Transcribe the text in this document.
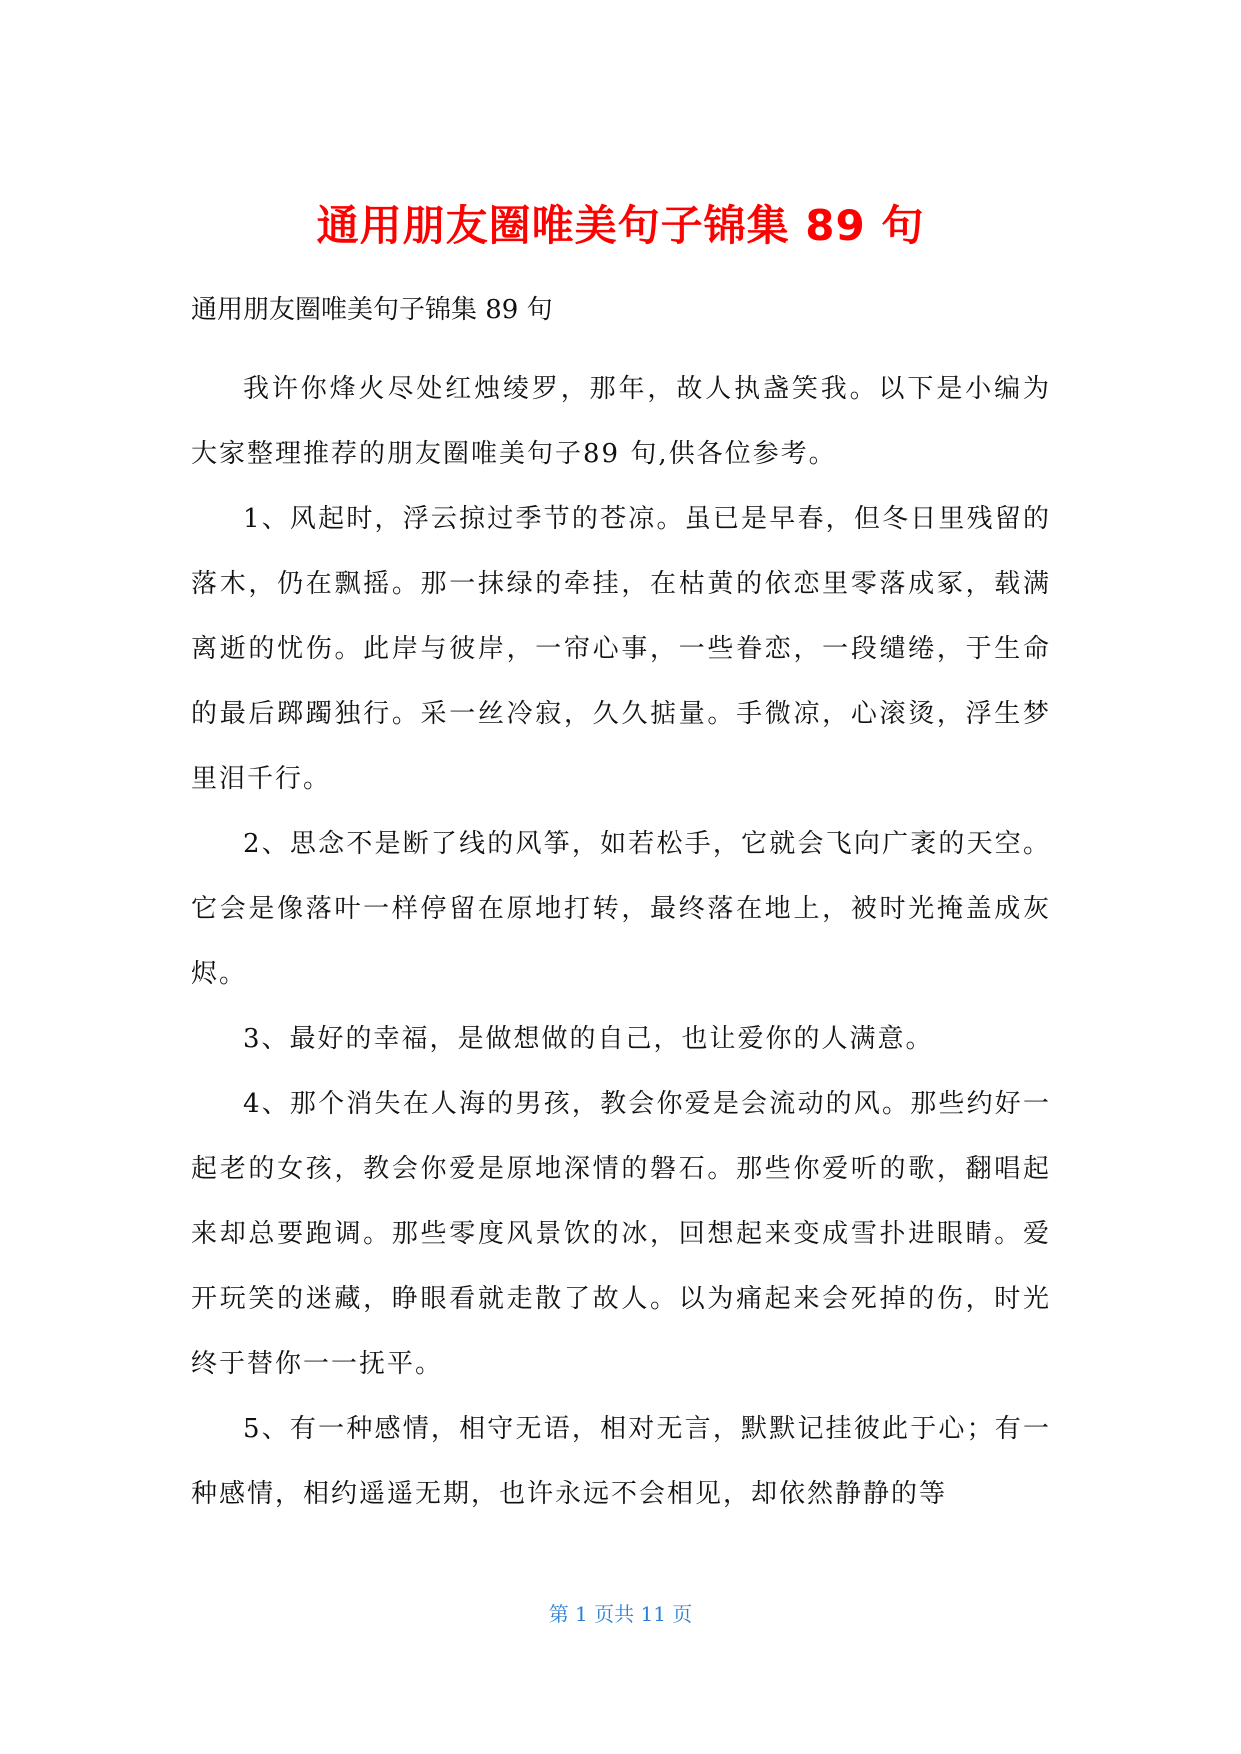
通用朋友圈唯美句子锦集 89 句
通用朋友圈唯美句子锦集 89 句

我许你烽火尽处红烛绫罗，那年，故人执盏笑我。以下是小编为大家整理推荐的朋友圈唯美句子89 句,供各位参考。

1、风起时，浮云掠过季节的苍凉。虽已是早春，但冬日里残留的落木，仍在飘摇。那一抹绿的牵挂，在枯黄的依恋里零落成冢，载满离逝的忧伤。此岸与彼岸，一帘心事，一些眷恋，一段缱绻，于生命的最后踯躅独行。采一丝冷寂，久久掂量。手微凉，心滚烫，浮生梦里泪千行。

2、思念不是断了线的风筝，如若松手，它就会飞向广袤的天空。它会是像落叶一样停留在原地打转，最终落在地上，被时光掩盖成灰烬。

3、最好的幸福，是做想做的自己，也让爱你的人满意。

4、那个消失在人海的男孩，教会你爱是会流动的风。那些约好一起老的女孩，教会你爱是原地深情的磐石。那些你爱听的歌，翻唱起来却总要跑调。那些零度风景饮的冰，回想起来变成雪扑进眼睛。爱开玩笑的迷藏，睁眼看就走散了故人。以为痛起来会死掉的伤，时光终于替你一一抚平。

5、有一种感情，相守无语，相对无言，默默记挂彼此于心；有一种感情，相约遥遥无期，也许永远不会相见，却依然静静的等

第 1 页共 11 页
